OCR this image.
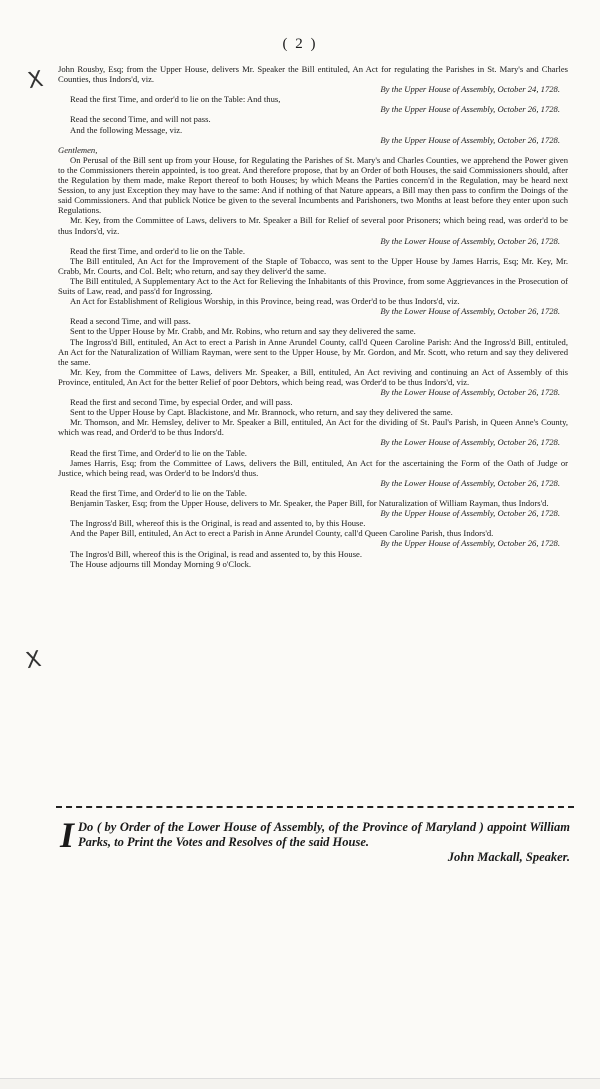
( 2 )
X
X

John Rousby, Esq; from the Upper House, delivers Mr. Speaker the Bill entituled, An Act for regulating the Parishes in St. Mary's and Charles Counties, thus Indors'd, viz.

By the Upper House of Assembly, October 24, 1728.

Read the first Time, and order'd to lie on the Table: And thus,

By the Upper House of Assembly, October 26, 1728.

Read the second Time, and will not pass.

And the following Message, viz.

By the Upper House of Assembly, October 26, 1728.

Gentlemen,

On Perusal of the Bill sent up from your House, for Regulating the Parishes of St. Mary's and Charles Counties, we apprehend the Power given to the Commissioners therein appointed, is too great. And therefore propose, that by an Order of both Houses, the said Commissioners should, after the Regulation by them made, make Report thereof to both Houses; by which Means the Parties concern'd in the Regulation, may be heard next Session, to any just Exception they may have to the same: And if nothing of that Nature appears, a Bill may then pass to confirm the Doings of the said Commissioners. And that publick Notice be given to the several Incumbents and Parishoners, two Months at least before they enter upon such Regulations.

Mr. Key, from the Committee of Laws, delivers to Mr. Speaker a Bill for Relief of several poor Prisoners; which being read, was order'd to be thus Indors'd, viz.

By the Lower House of Assembly, October 26, 1728.

Read the first Time, and order'd to lie on the Table.

The Bill entituled, An Act for the Improvement of the Staple of Tobacco, was sent to the Upper House by James Harris, Esq; Mr. Key, Mr. Crabb, Mr. Courts, and Col. Belt; who return, and say they deliver'd the same.

The Bill entituled, A Supplementary Act to the Act for Relieving the Inhabitants of this Province, from some Aggrievances in the Prosecution of Suits of Law, read, and pass'd for Ingrossing.

An Act for Establishment of Religious Worship, in this Province, being read, was Order'd to be thus Indors'd, viz.

By the Lower House of Assembly, October 26, 1728.

Read a second Time, and will pass.

Sent to the Upper House by Mr. Crabb, and Mr. Robins, who return and say they delivered the same.

The Ingross'd Bill, entituled, An Act to erect a Parish in Anne Arundel County, call'd Queen Caroline Parish: And the Ingross'd Bill, entituled, An Act for the Naturalization of William Rayman, were sent to the Upper House, by Mr. Gordon, and Mr. Scott, who return and say they delivered the same.

Mr. Key, from the Committee of Laws, delivers Mr. Speaker, a Bill, entituled, An Act reviving and continuing an Act of Assembly of this Province, entituled, An Act for the better Relief of poor Debtors, which being read, was Order'd to be thus Indors'd, viz.

By the Lower House of Assembly, October 26, 1728.

Read the first and second Time, by especial Order, and will pass.

Sent to the Upper House by Capt. Blackistone, and Mr. Brannock, who return, and say they delivered the same.

Mr. Thomson, and Mr. Hemsley, deliver to Mr. Speaker a Bill, entituled, An Act for the dividing of St. Paul's Parish, in Queen Anne's County, which was read, and Order'd to be thus Indors'd.

By the Lower House of Assembly, October 26, 1728.

Read the first Time, and Order'd to lie on the Table.

James Harris, Esq; from the Committee of Laws, delivers the Bill, entituled, An Act for the ascertaining the Form of the Oath of Judge or Justice, which being read, was Order'd to be Indors'd thus.

By the Lower House of Assembly, October 26, 1728.

Read the first Time, and Order'd to lie on the Table.

Benjamin Tasker, Esq; from the Upper House, delivers to Mr. Speaker, the Paper Bill, for Naturalization of William Rayman, thus Indors'd.

By the Upper House of Assembly, October 26, 1728.

The Ingross'd Bill, whereof this is the Original, is read and assented to, by this House.

And the Paper Bill, entituled, An Act to erect a Parish in Anne Arundel County, call'd Queen Caroline Parish, thus Indors'd.

By the Upper House of Assembly, October 26, 1728.

The Ingros'd Bill, whereof this is the Original, is read and assented to, by this House.

The House adjourns till Monday Morning 9 o'Clock.

I Do ( by Order of the Lower House of Assembly, of the Province of Maryland ) appoint William Parks, to Print the Votes and Resolves of the said House.
John Mackall, Speaker.
